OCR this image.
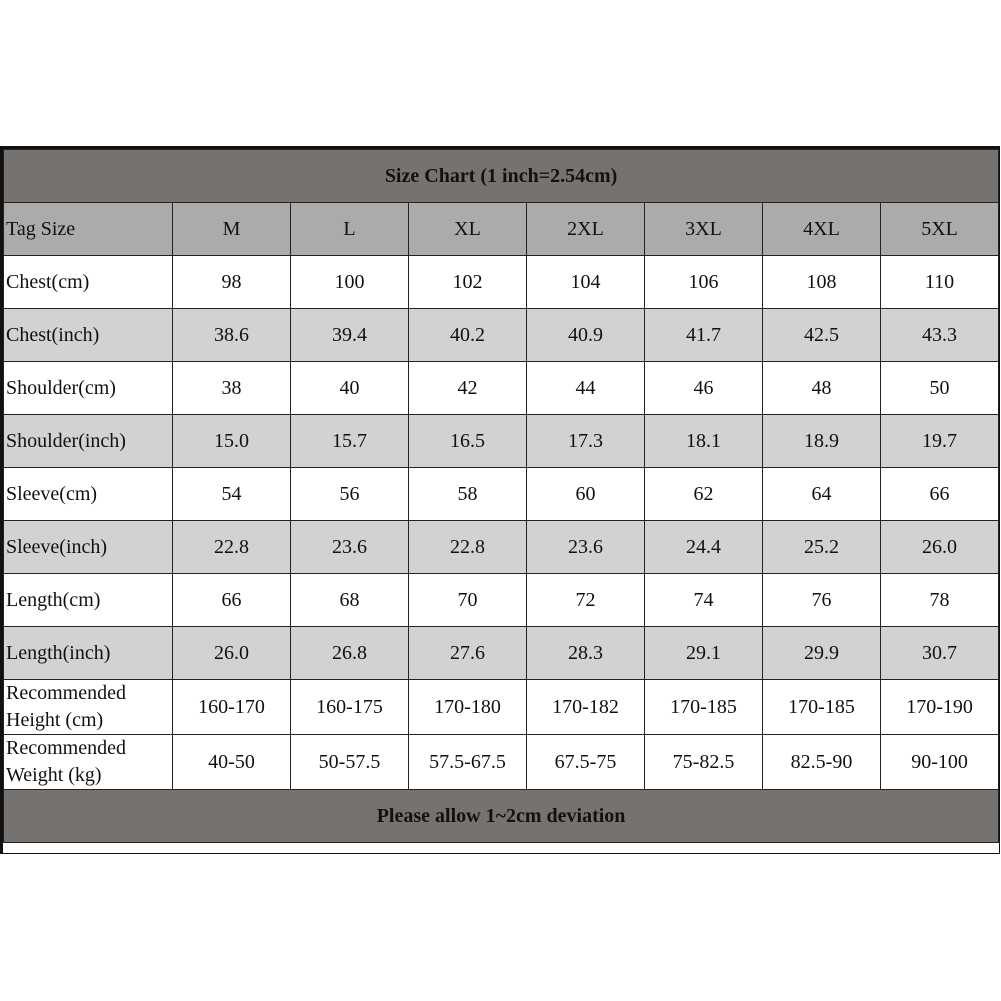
Size Chart (1 inch=2.54cm)							
Tag Size	M	L	XL	2XL	3XL	4XL	5XL
Chest(cm)	98	100	102	104	106	108	110
Chest(inch)	38.6	39.4	40.2	40.9	41.7	42.5	43.3
Shoulder(cm)	38	40	42	44	46	48	50
Shoulder(inch)	15.0	15.7	16.5	17.3	18.1	18.9	19.7
Sleeve(cm)	54	56	58	60	62	64	66
Sleeve(inch)	22.8	23.6	22.8	23.6	24.4	25.2	26.0
Length(cm)	66	68	70	72	74	76	78
Length(inch)	26.0	26.8	27.6	28.3	29.1	29.9	30.7
Recommended
Height (cm)	160-170	160-175	170-180	170-182	170-185	170-185	170-190
Recommended
Weight (kg)	40-50	50-57.5	57.5-67.5	67.5-75	75-82.5	82.5-90	90-100
Please allow 1~2cm deviation							
